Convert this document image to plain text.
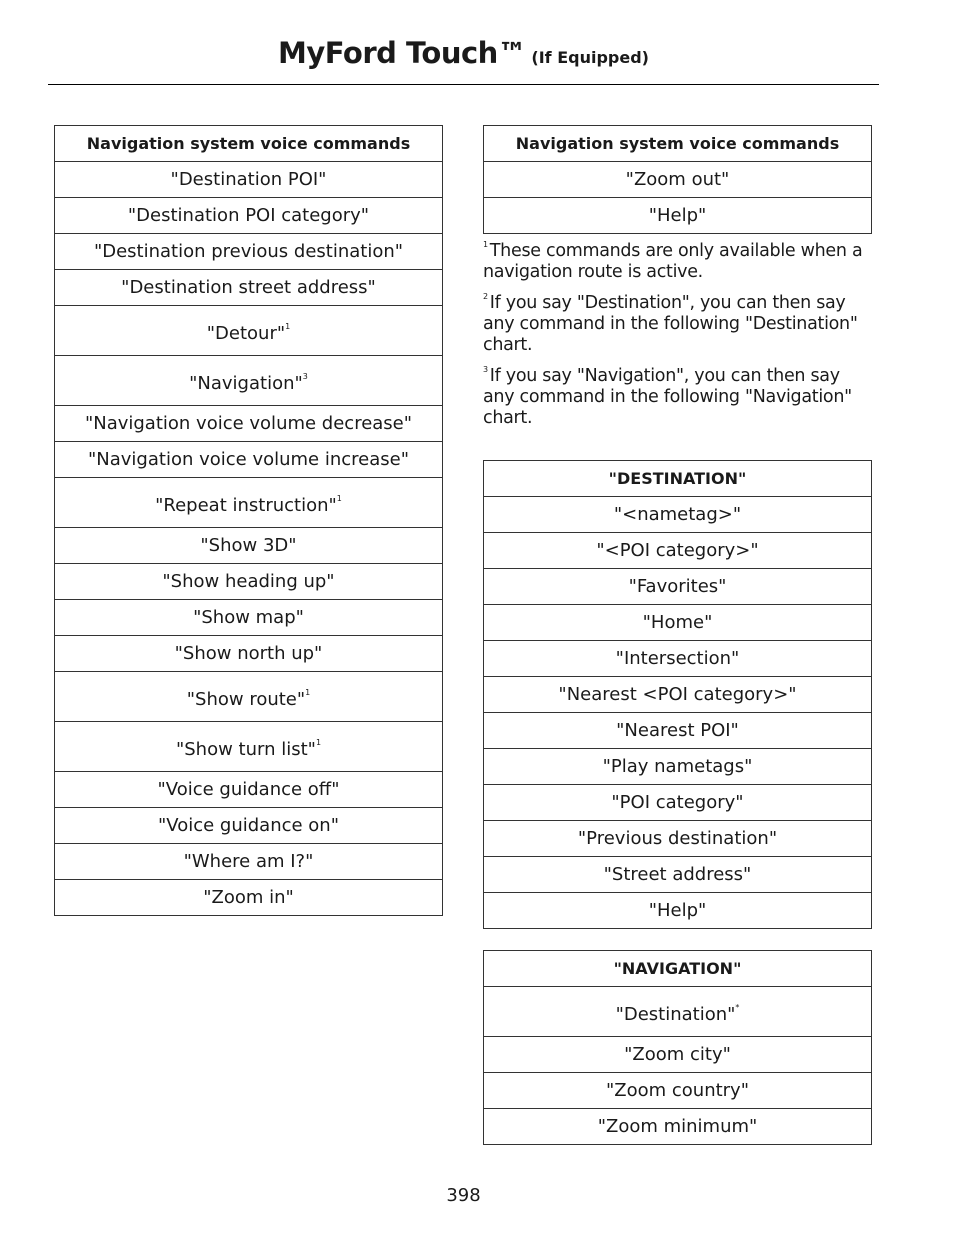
MyFord Touch™ (If Equipped)
Navigation system voice commands
"Destination POI"
"Destination POI category"
"Destination previous destination"
"Destination street address"
"Detour"$^1$
"Navigation"$^3$
"Navigation voice volume decrease"
"Navigation voice volume increase"
"Repeat instruction"$^1$
"Show 3D"
"Show heading up"
"Show map"
"Show north up"
"Show route"$^1$
"Show turn list"$^1$
"Voice guidance off"
"Voice guidance on"
"Where am I?"
"Zoom in"
Navigation system voice commands
"Zoom out"
"Help"

$^1$ These commands are only available when a navigation route is active.

$^2$ If you say "Destination", you can then say any command in the following "Destination" chart.

$^3$ If you say "Navigation", you can then say any command in the following "Navigation" chart.

"DESTINATION"
"<nametag>"
"<POI category>"
"Favorites"
"Home"
"Intersection"
"Nearest <POI category>"
"Nearest POI"
"Play nametags"
"POI category"
"Previous destination"
"Street address"
"Help"
"NAVIGATION"
"Destination"*
"Zoom city"
"Zoom country"
"Zoom minimum"
398
